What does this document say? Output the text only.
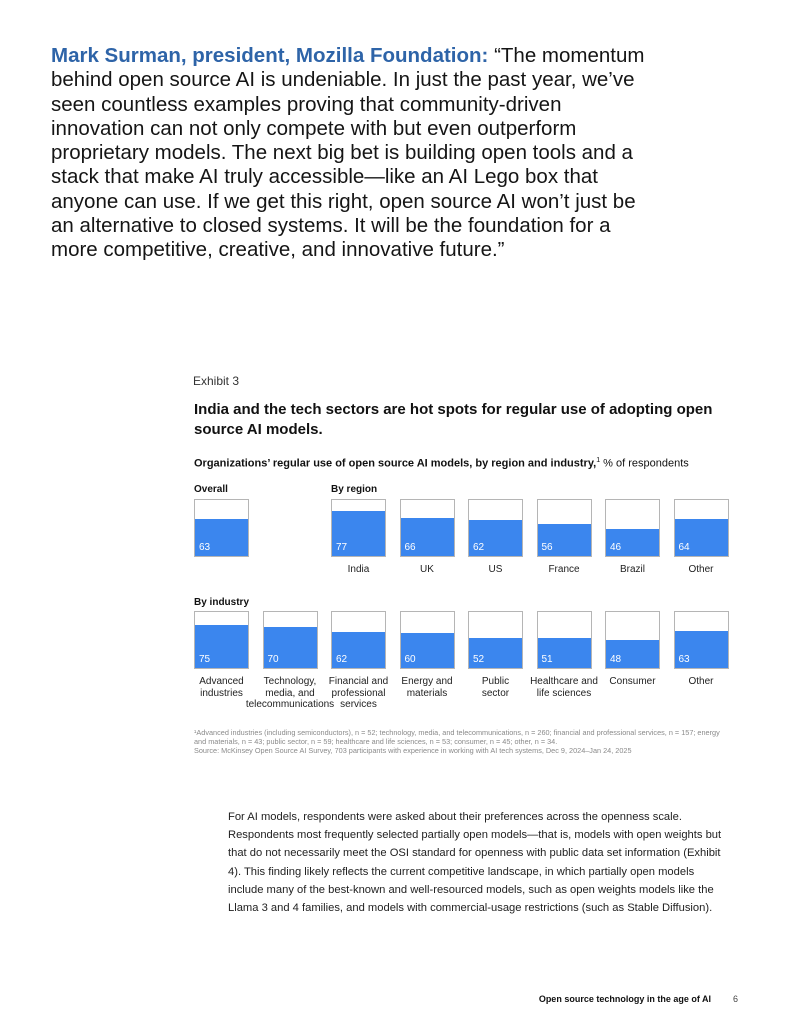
Mark Surman, president, Mozilla Foundation: “The momentum behind open source AI is undeniable. In just the past year, we’ve seen countless examples proving that community-driven innovation can not only compete with but even outperform proprietary models. The next big bet is building open tools and a stack that make AI truly accessible—like an AI Lego box that anyone can use. If we get this right, open source AI won’t just be an alternative to closed systems. It will be the foundation for a more competitive, creative, and innovative future.”

Exhibit 3
India and the tech sectors are hot spots for regular use of adopting open source AI models.
Organizations’ regular use of open source AI models, by region and industry,$^1$ % of respondents
Overall
63
By region
77
India
66
UK
62
US
56
France
46
Brazil
64
Other
By industry
75
Advanced
industries
70
Technology,
media, and
telecommunications
62
Financial and
professional
services
60
Energy and
materials
52
Public
sector
51
Healthcare and
life sciences
48
Consumer
63
Other

¹Advanced industries (including semiconductors), n = 52; technology, media, and telecommunications, n = 260; financial and professional services, n = 157; energy and materials, n = 43; public sector, n = 59; healthcare and life sciences, n = 53; consumer, n = 45; other, n = 34.
Source: McKinsey Open Source AI Survey, 703 participants with experience in working with AI tech systems, Dec 9, 2024–Jan 24, 2025

For AI models, respondents were asked about their preferences across the openness scale. Respondents most frequently selected partially open models—that is, models with open weights but that do not necessarily meet the OSI standard for openness with public data set information (Exhibit 4). This finding likely reflects the current competitive landscape, in which partially open models include many of the best-known and well-resourced models, such as open weights models like the Llama 3 and 4 families, and models with commercial-usage restrictions (such as Stable Diffusion).

Open source technology in the age of AI 6
